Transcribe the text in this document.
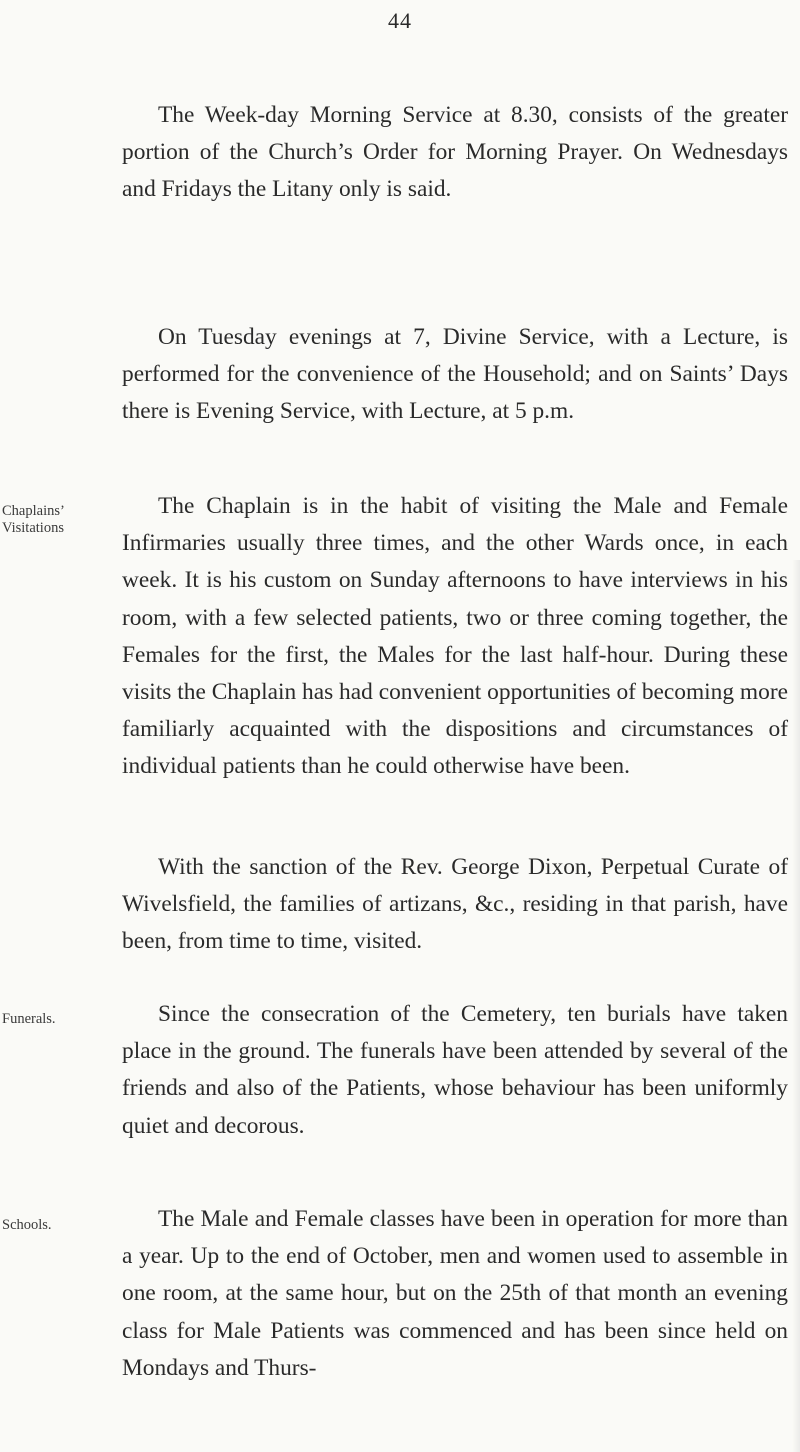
44
The Week-day Morning Service at 8.30, consists of the greater portion of the Church’s Order for Morning Prayer. On Wednesdays and Fridays the Litany only is said.
On Tuesday evenings at 7, Divine Service, with a Lecture, is performed for the convenience of the Household; and on Saints’ Days there is Evening Service, with Lecture, at 5 p.m.
Chaplains’
Visitations
The Chaplain is in the habit of visiting the Male and Female Infirmaries usually three times, and the other Wards once, in each week. It is his custom on Sunday afternoons to have interviews in his room, with a few selected patients, two or three coming together, the Females for the first, the Males for the last half-hour. During these visits the Chaplain has had convenient opportunities of becoming more familiarly acquainted with the dispositions and circumstances of individual patients than he could otherwise have been.
With the sanction of the Rev. George Dixon, Perpetual Curate of Wivelsfield, the families of artizans, &c., residing in that parish, have been, from time to time, visited.
Funerals.	Since the consecration of the Cemetery, ten burials have taken place in the ground. The funerals have been attended by several of the friends and also of the Patients, whose behaviour has been uniformly quiet and decorous.
Schools.	The Male and Female classes have been in operation for more than a year. Up to the end of October, men and women used to assemble in one room, at the same hour, but on the 25th of that month an evening class for Male Patients was commenced and has been since held on Mondays and Thurs-
